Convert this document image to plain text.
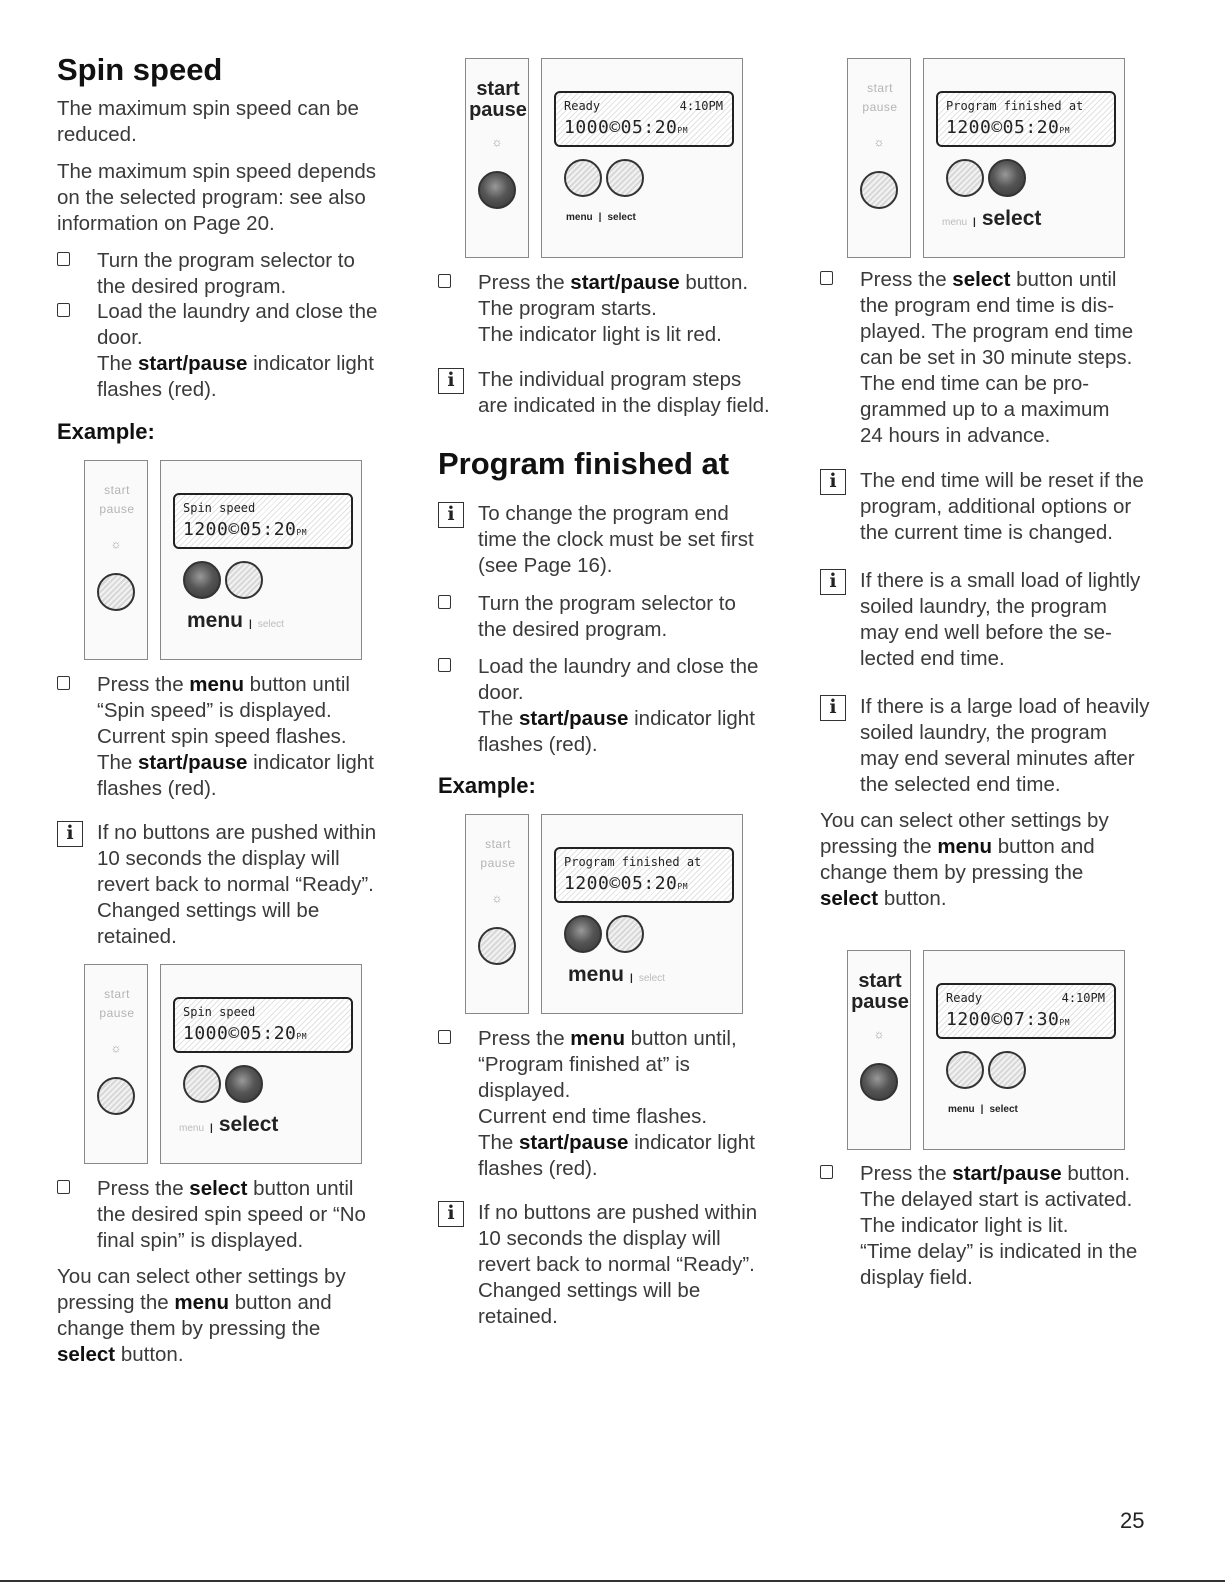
Spin speed

The maximum spin speed can be
reduced.

The maximum spin speed depends
on the selected program: see also
information on Page 20.

Turn the program selector to
the desired program.
Load the laundry and close the
door.
The start/pause indicator light
flashes (red).
Example:
start
pause
☼
Spin speed
1200©05:20PM
menu | select
Press the menu button until
“Spin speed” is displayed.
Current spin speed flashes.
The start/pause indicator light
flashes (red).
i	If no buttons are pushed within
10 seconds the display will
revert back to normal “Ready”.
Changed settings will be
retained.
start
pause
☼
Spin speed
1000©05:20PM
menu | select
Press the select button until
the desired spin speed or “No
final spin” is displayed.

You can select other settings by
pressing the menu button and
change them by pressing the
select button.

start
pause
☼
Ready           4:10PM
1000©05:20PM
menu | select
Press the start/pause button.
The program starts.
The indicator light is lit red.
i	The individual program steps
are indicated in the display field.
Program finished at
i	To change the program end
time the clock must be set first
(see Page 16).
Turn the program selector to
the desired program.
Load the laundry and close the
door.
The start/pause indicator light
flashes (red).
Example:
start
pause
☼
Program finished at
1200©05:20PM
menu | select
Press the menu button until,
“Program finished at” is
displayed.
Current end time flashes.
The start/pause indicator light
flashes (red).
i	If no buttons are pushed within
10 seconds the display will
revert back to normal “Ready”.
Changed settings will be
retained.
start
pause
☼
Program finished at
1200©05:20PM
menu | select
Press the select button until
the program end time is dis-
played. The program end time
can be set in 30 minute steps.
The end time can be pro-
grammed up to a maximum
24 hours in advance.
i	The end time will be reset if the
program, additional options or
the current time is changed.
i	If there is a small load of lightly
soiled laundry, the program
may end well before the se-
lected end time.
i	If there is a large load of heavily
soiled laundry, the program
may end several minutes after
the selected end time.

You can select other settings by
pressing the menu button and
change them by pressing the
select button.

start
pause
☼
Ready           4:10PM
1200©07:30PM
menu | select
Press the start/pause button.
The delayed start is activated.
The indicator light is lit.
“Time delay” is indicated in the
display field.
25
